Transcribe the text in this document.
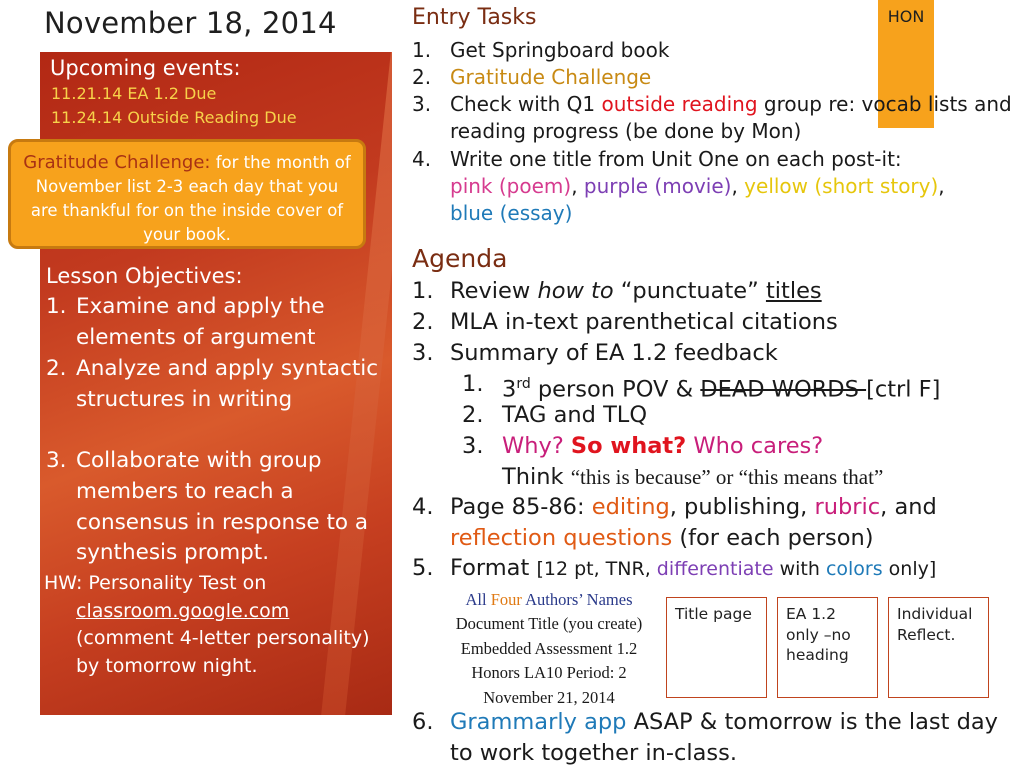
November 18, 2014
Upcoming events:
11.21.14 EA 1.2 Due
11.24.14 Outside Reading Due
Gratitude Challenge: for the month of November list 2-3 each day that you are thankful for on the inside cover of your book.
Lesson Objectives:
1. Examine and apply the elements of argument
2. Analyze and apply syntactic structures in writing
3. Collaborate with group members to reach a consensus in response to a synthesis prompt.
HW: Personality Test on
classroom.google.com (comment 4-letter personality) by tomorrow night.
HON
Entry Tasks
1. Get Springboard book
2. Gratitude Challenge
3. Check with Q1 outside reading group re: vocab lists and reading progress (be done by Mon)
4. Write one title from Unit One on each post-it:
pink (poem), purple (movie), yellow (short story),
blue (essay)
Agenda
1. Review how to “punctuate” titles
2. MLA in-text parenthetical citations
3. Summary of EA 1.2 feedback
1. 3rd person POV & DEAD WORDS [ctrl F]
2. TAG and TLQ
3. Why? So what? Who cares?
Think “this is because” or “this means that”
4. Page 85-86: editing, publishing, rubric, and reflection questions (for each person)
5. Format [12 pt, TNR, differentiate with colors only]
All Four Authors’ Names
Document Title (you create)
Embedded Assessment 1.2
Honors LA10 Period: 2
November 21, 2014
Title page	EA 1.2 only –no heading
Individual Reflect.
6. Grammarly app ASAP & tomorrow is the last day to work together in-class.
